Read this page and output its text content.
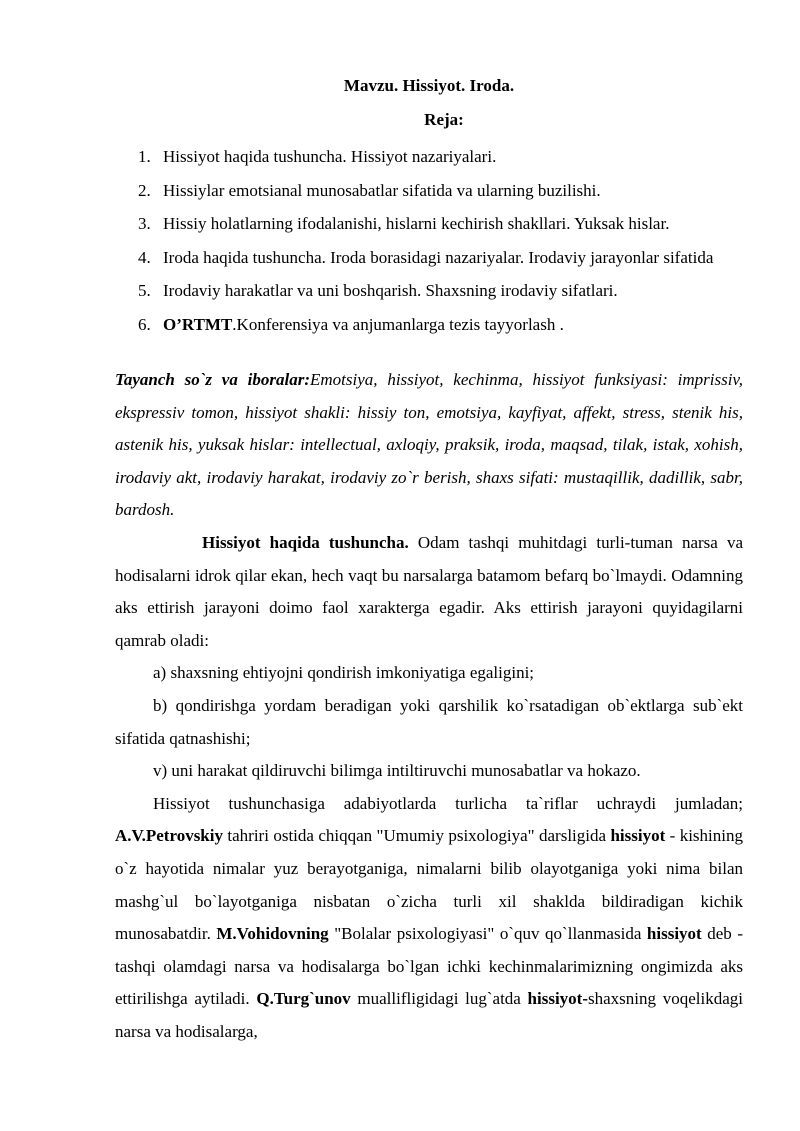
Mavzu. Hissiyot. Iroda.
Reja:
1. Hissiyot haqida tushuncha. Hissiyot nazariyalari.
2. Hissiylar emotsianal munosabatlar sifatida va ularning buzilishi.
3. Hissiy holatlarning ifodalanishi, hislarni kechirish shakllari. Yuksak hislar.
4. Iroda haqida tushuncha. Iroda borasidagi nazariyalar. Irodaviy jarayonlar sifatida
5. Irodaviy harakatlar va uni boshqarish. Shaxsning irodaviy sifatlari.
6. O’RTMT.Konferensiya va anjumanlarga tezis tayyorlash .

Tayanch so`z va iboralar:Emotsiya, hissiyot, kechinma, hissiyot funksiyasi: imprissiv, ekspressiv tomon, hissiyot shakli: hissiy ton, emotsiya, kayfiyat, affekt, stress, stenik his, astenik his, yuksak hislar: intellectual, axloqiy, praksik, iroda, maqsad, tilak, istak, xohish, irodaviy akt, irodaviy harakat, irodaviy zo`r berish, shaxs sifati: mustaqillik, dadillik, sabr, bardosh.

Hissiyot haqida tushuncha. Odam tashqi muhitdagi turli-tuman narsa va hodisalarni idrok qilar ekan, hech vaqt bu narsalarga batamom befarq bo`lmaydi. Odamning aks ettirish jarayoni doimo faol xarakterga egadir. Aks ettirish jarayoni quyidagilarni qamrab oladi:

a) shaxsning ehtiyojni qondirish imkoniyatiga egaligini;

b) qondirishga yordam beradigan yoki qarshilik ko`rsatadigan ob`ektlarga sub`ekt sifatida qatnashishi;

v) uni harakat qildiruvchi bilimga intiltiruvchi munosabatlar va hokazo.

Hissiyot tushunchasiga adabiyotlarda turlicha ta`riflar uchraydi jumladan; A.V.Petrovskiy tahriri ostida chiqqan "Umumiy psixologiya" darsligida hissiyot - kishining o`z hayotida nimalar yuz berayotganiga, nimalarni bilib olayotganiga yoki nima bilan mashg`ul bo`layotganiga nisbatan o`zicha turli xil shaklda bildiradigan kichik munosabatdir. M.Vohidovning "Bolalar psixologiyasi" o`quv qo`llanmasida hissiyot deb - tashqi olamdagi narsa va hodisalarga bo`lgan ichki kechinmalarimizning ongimizda aks ettirilishga aytiladi. Q.Turg`unov muallifligidagi lug`atda hissiyot-shaxsning voqelikdagi narsa va hodisalarga,
